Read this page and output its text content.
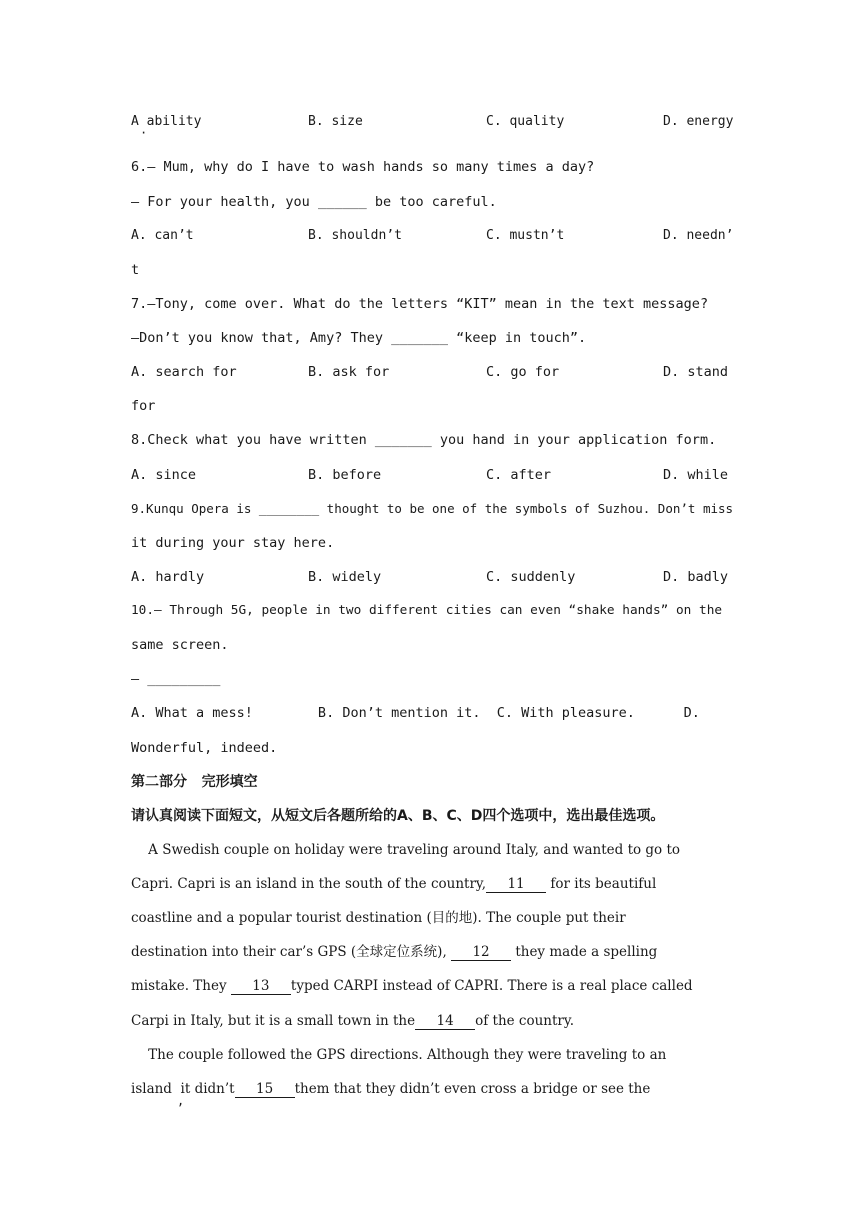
A ability

	B. size

	C. quality

	D. energy

·
6.— Mum, why do I have to wash hands so many times a day?
— For your health, you ______ be too careful.

A. can’t

	B. shouldn’t

	C. mustn’t

	D. needn’

t
7.—Tony, come over. What do the letters “KIT” mean in the text message?
—Don’t you know that, Amy? They _______ “keep in touch”.

A. search for

	B. ask for

	C. go for

	D. stand

for
8.Check what you have written _______ you hand in your application form.

A. since

	B. before

	C. after

	D. while

9.Kunqu Opera is ________ thought to be one of the symbols of Suzhou. Don’t miss
it during your stay here.

A. hardly

	B. widely

	C. suddenly

	D. badly

10.— Through 5G, people in two different cities can even “shake hands” on the
same screen.
— _________
A. What a mess!        B. Don’t mention it.  C. With pleasure.      D.
Wonderful, indeed.
第二部分   完形填空
请认真阅读下面短文，从短文后各题所给的A、B、C、D四个选项中，选出最佳选项。
A Swedish couple on holiday were traveling around Italy, and wanted to go to
Capri. Capri is an island in the south of the country, 11 for its beautiful
coastline and a popular tourist destination (目的地). The couple put their
destination into their car’s GPS (全球定位系统), 12 they made a spelling
mistake. They 13 typed CARPI instead of CAPRI. There is a real place called
Carpi in Italy, but it is a small town in the 14 of the country.
The couple followed the GPS directions. Although they were traveling to an
island  it didn’t 15 them that they didn’t even cross a bridge or see the
,
